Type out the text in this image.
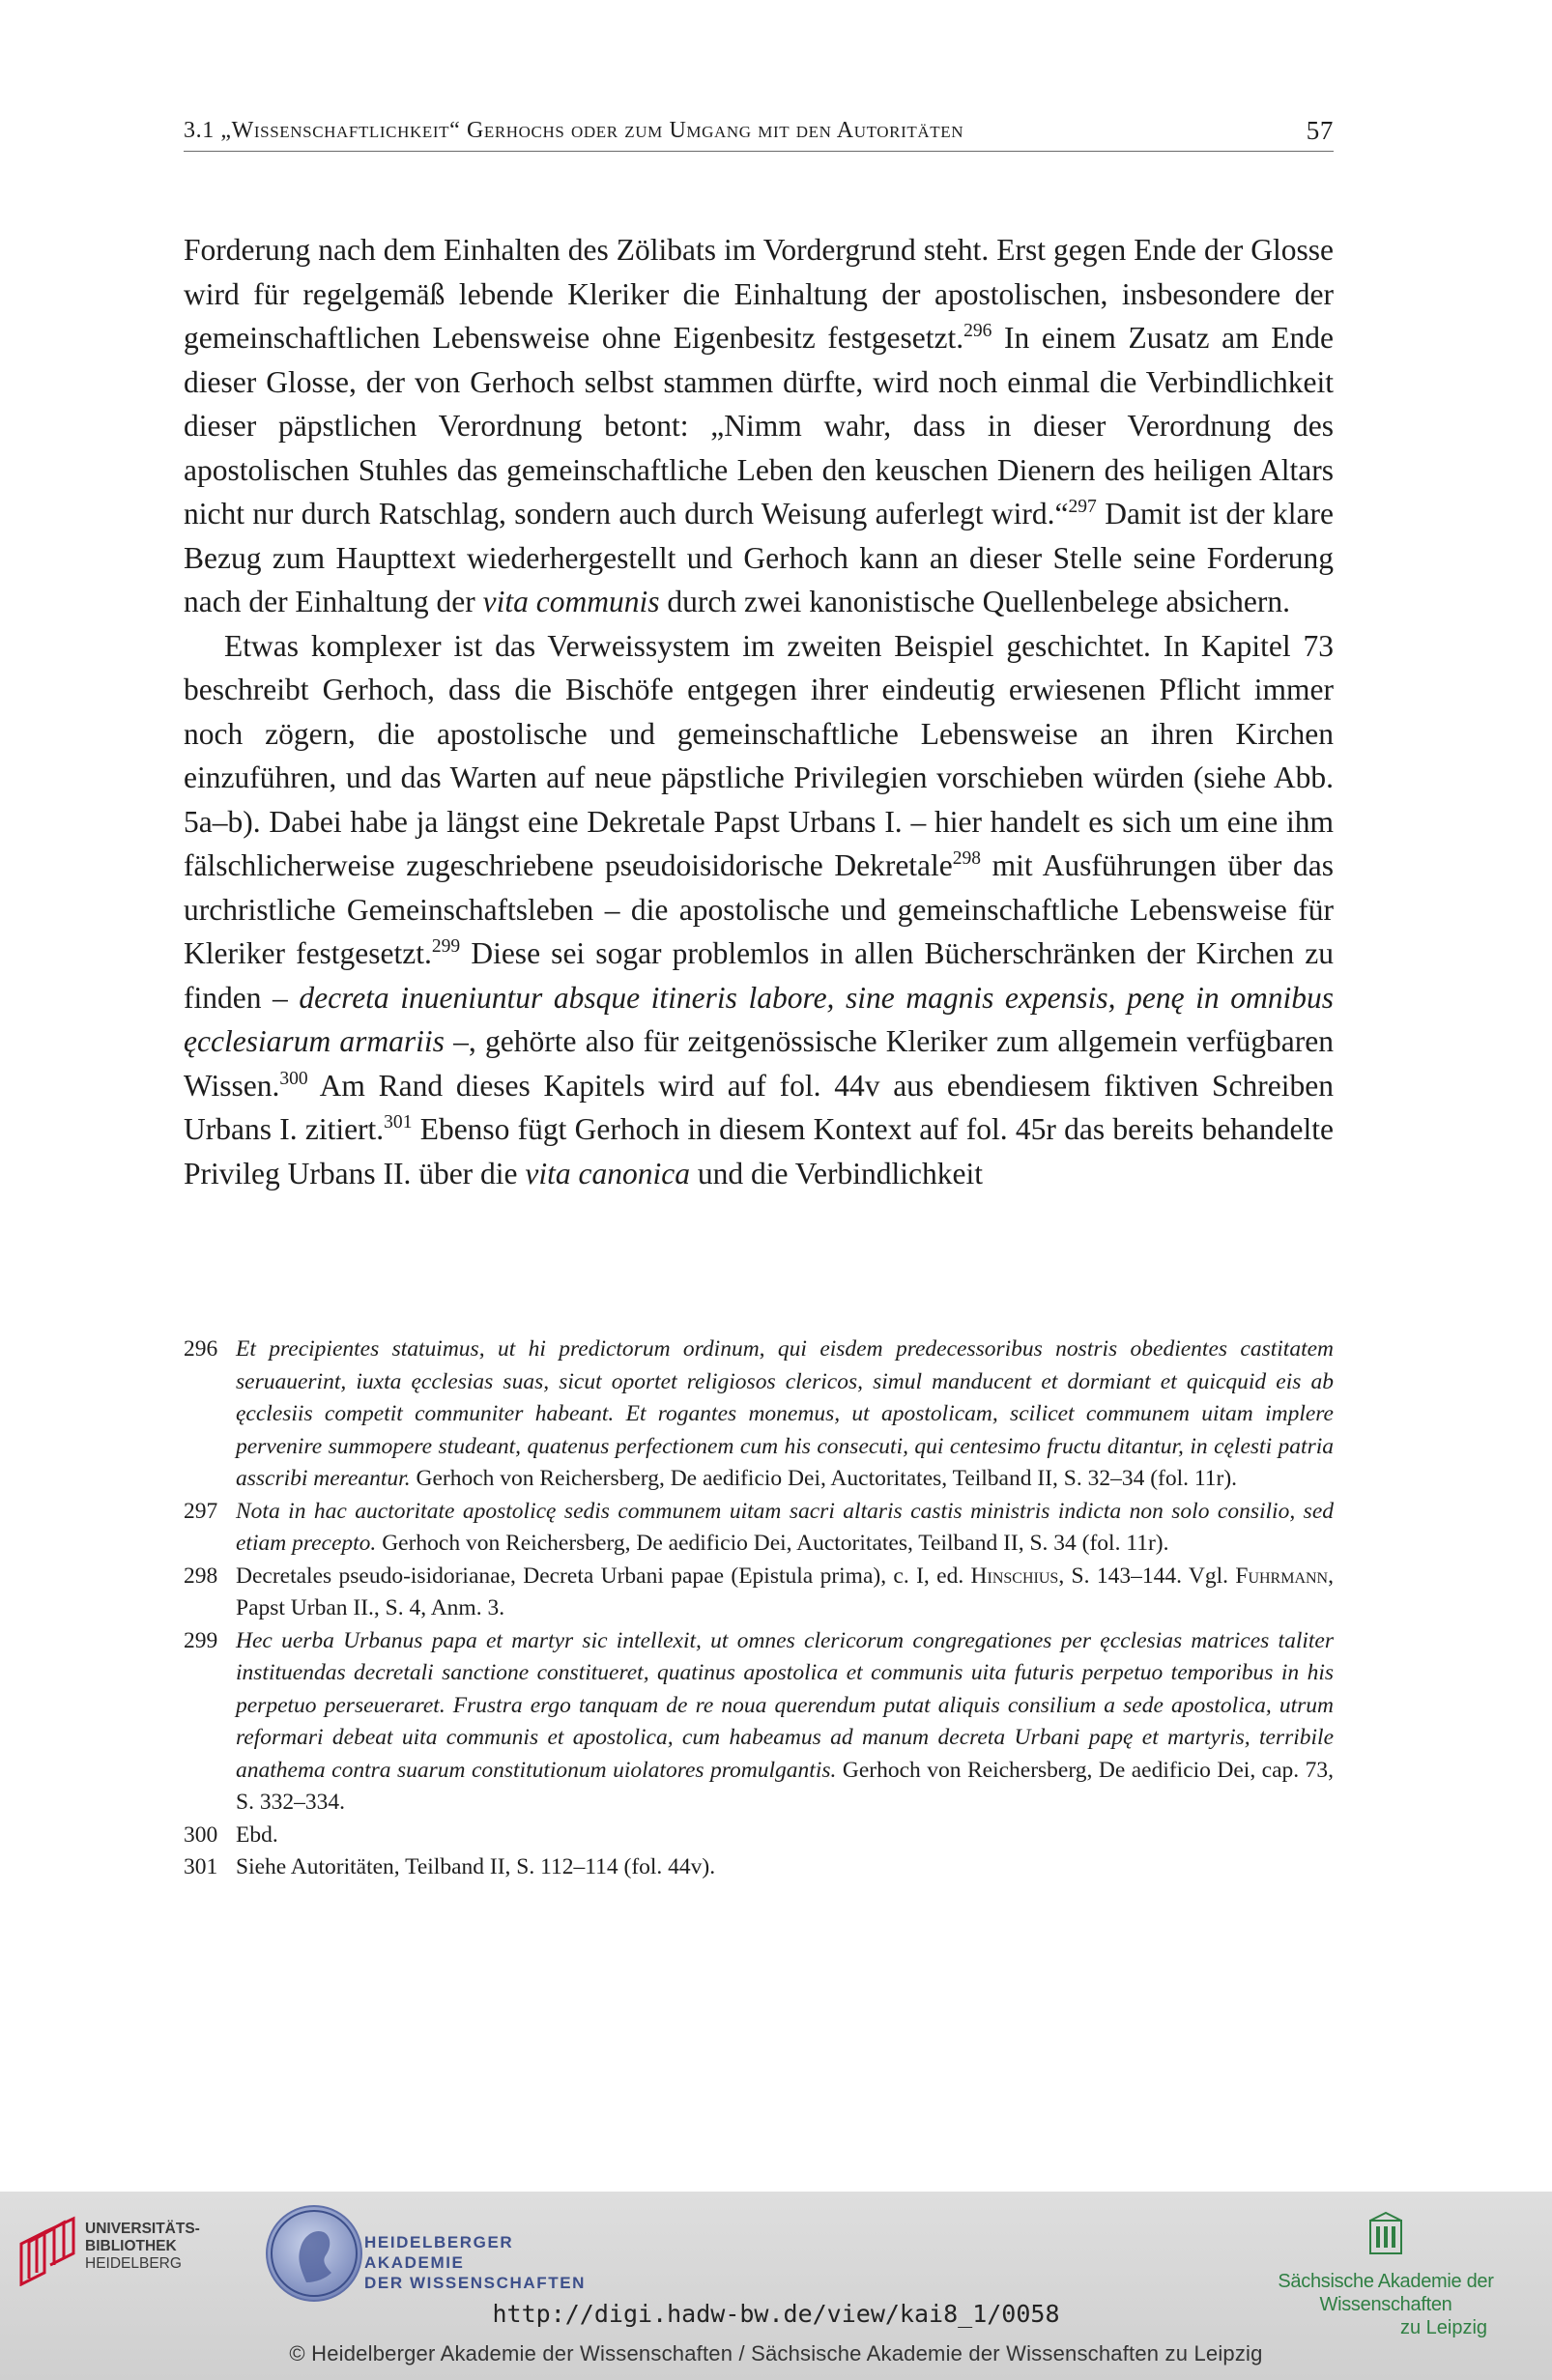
3.1 „Wissenschaftlichkeit“ Gerhochs oder zum Umgang mit den Autoritäten	57

Forderung nach dem Einhalten des Zölibats im Vordergrund steht. Erst gegen Ende der Glosse wird für regelgemäß lebende Kleriker die Einhaltung der apostolischen, insbesondere der gemeinschaftlichen Lebensweise ohne Eigenbesitz festgesetzt.$^{296}$ In einem Zusatz am Ende dieser Glosse, der von Gerhoch selbst stammen dürfte, wird noch einmal die Verbindlichkeit dieser päpstlichen Verordnung betont: „Nimm wahr, dass in dieser Verordnung des apostolischen Stuhles das gemeinschaftliche Leben den keuschen Dienern des heiligen Altars nicht nur durch Ratschlag, sondern auch durch Weisung auferlegt wird.“$^{297}$ Damit ist der klare Bezug zum Haupttext wiederhergestellt und Gerhoch kann an dieser Stelle seine Forderung nach der Einhaltung der vita communis durch zwei kanonistische Quellenbelege absichern.

Etwas komplexer ist das Verweissystem im zweiten Beispiel geschichtet. In Kapitel 73 beschreibt Gerhoch, dass die Bischöfe entgegen ihrer eindeutig erwiesenen Pflicht immer noch zögern, die apostolische und gemeinschaftliche Lebensweise an ihren Kirchen einzuführen, und das Warten auf neue päpstliche Privilegien vorschieben würden (siehe Abb. 5a–b). Dabei habe ja längst eine Dekretale Papst Urbans I. – hier handelt es sich um eine ihm fälschlicherweise zugeschriebene pseudoisidorische Dekretale$^{298}$ mit Ausführungen über das urchristliche Gemeinschaftsleben – die apostolische und gemeinschaftliche Lebensweise für Kleriker festgesetzt.$^{299}$ Diese sei sogar problemlos in allen Bücherschränken der Kirchen zu finden – decreta inueniuntur absque itineris labore, sine magnis expensis, penę in omnibus ęcclesiarum armariis –, gehörte also für zeitgenössische Kleriker zum allgemein verfügbaren Wissen.$^{300}$ Am Rand dieses Kapitels wird auf fol. 44v aus ebendiesem fiktiven Schreiben Urbans I. zitiert.$^{301}$ Ebenso fügt Gerhoch in diesem Kontext auf fol. 45r das bereits behandelte Privileg Urbans II. über die vita canonica und die Verbindlichkeit

296 Et precipientes statuimus, ut hi predictorum ordinum, qui eisdem predecessoribus nostris obedientes castitatem seruauerint, iuxta ęcclesias suas, sicut oportet religiosos clericos, simul manducent et dormiant et quicquid eis ab ęcclesiis competit communiter habeant. Et rogantes monemus, ut apostolicam, scilicet communem uitam implere pervenire summopere studeant, quatenus perfectionem cum his consecuti, qui centesimo fructu ditantur, in cęlesti patria asscribi mereantur. Gerhoch von Reichersberg, De aedificio Dei, Auctoritates, Teilband II, S. 32–34 (fol. 11r).

297 Nota in hac auctoritate apostolicę sedis communem uitam sacri altaris castis ministris indicta non solo consilio, sed etiam precepto. Gerhoch von Reichersberg, De aedificio Dei, Auctoritates, Teilband II, S. 34 (fol. 11r).

298 Decretales pseudo-isidorianae, Decreta Urbani papae (Epistula prima), c. I, ed. Hinschius, S. 143–144. Vgl. Fuhrmann, Papst Urban II., S. 4, Anm. 3.

299 Hec uerba Urbanus papa et martyr sic intellexit, ut omnes clericorum congregationes per ęcclesias matrices taliter instituendas decretali sanctione constitueret, quatinus apostolica et communis uita futuris perpetuo temporibus in his perpetuo perseueraret. Frustra ergo tanquam de re noua querendum putat aliquis consilium a sede apostolica, utrum reformari debeat uita communis et apostolica, cum habeamus ad manum decreta Urbani papę et martyris, terribile anathema contra suarum constitutionum uiolatores promulgantis. Gerhoch von Reichersberg, De aedificio Dei, cap. 73, S. 332–334.

300 Ebd.

301 Siehe Autoritäten, Teilband II, S. 112–114 (fol. 44v).

UNIVERSITÄTS-
BIBLIOTHEK
HEIDELBERG
HEIDELBERGER AKADEMIE
DER WISSENSCHAFTEN	Sächsische Akademie der Wissenschaften
zu Leipzig
http://digi.hadw-bw.de/view/kai8_1/0058
© Heidelberger Akademie der Wissenschaften / Sächsische Akademie der Wissenschaften zu Leipzig
